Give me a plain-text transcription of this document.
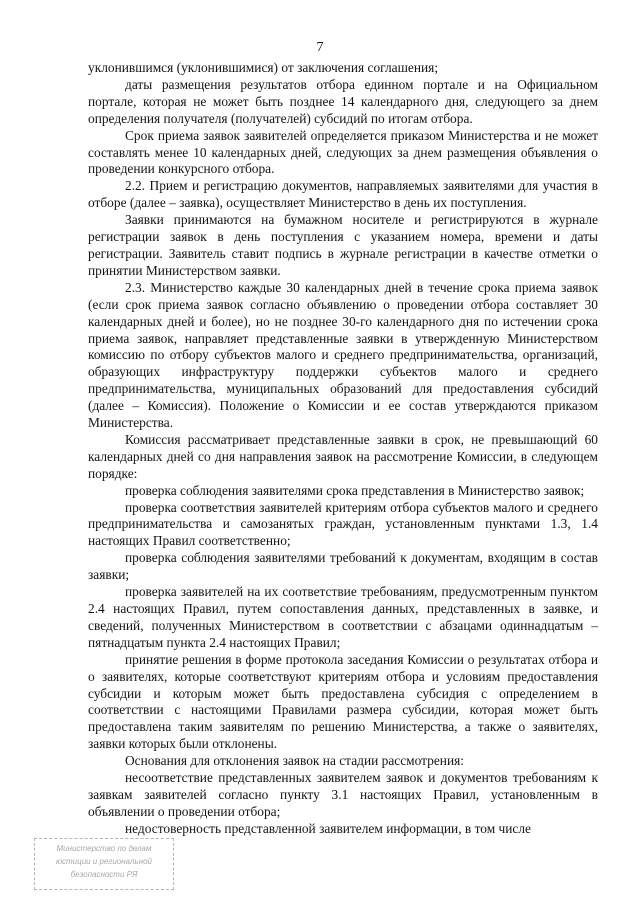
7

уклонившимся (уклонившимися) от заключения соглашения;

даты размещения результатов отбора единном портале и на Официальном портале, которая не может быть позднее 14 календарного дня, следующего за днем определения получателя (получателей) субсидий по итогам отбора.

Срок приема заявок заявителей определяется приказом Министерства и не может составлять менее 10 календарных дней, следующих за днем размещения объявления о проведении конкурсного отбора.

2.2. Прием и регистрацию документов, направляемых заявителями для участия в отборе (далее – заявка), осуществляет Министерство в день их поступления.

Заявки принимаются на бумажном носителе и регистрируются в журнале регистрации заявок в день поступления с указанием номера, времени и даты регистрации. Заявитель ставит подпись в журнале регистрации в качестве отметки о принятии Министерством заявки.

2.3. Министерство каждые 30 календарных дней в течение срока приема заявок (если срок приема заявок согласно объявлению о проведении отбора составляет 30 календарных дней и более), но не позднее 30-го календарного дня по истечении срока приема заявок, направляет представленные заявки в утвержденную Министерством комиссию по отбору субъектов малого и среднего предпринимательства, организаций, образующих инфраструктуру поддержки субъектов малого и среднего предпринимательства, муниципальных образований для предоставления субсидий (далее – Комиссия). Положение о Комиссии и ее состав утверждаются приказом Министерства.

Комиссия рассматривает представленные заявки в срок, не превышающий 60 календарных дней со дня направления заявок на рассмотрение Комиссии, в следующем порядке:

проверка соблюдения заявителями срока представления в Министерство заявок;

проверка соответствия заявителей критериям отбора субъектов малого и среднего предпринимательства и самозанятых граждан, установленным пунктами 1.3, 1.4 настоящих Правил соответственно;

проверка соблюдения заявителями требований к документам, входящим в состав заявки;

проверка заявителей на их соответствие требованиям, предусмотренным пунктом 2.4 настоящих Правил, путем сопоставления данных, представленных в заявке, и сведений, полученных Министерством в соответствии с абзацами одиннадцатым – пятнадцатым пункта 2.4 настоящих Правил;

принятие решения в форме протокола заседания Комиссии о результатах отбора и о заявителях, которые соответствуют критериям отбора и условиям предоставления субсидии и которым может быть предоставлена субсидия с определением в соответствии с настоящими Правилами размера субсидии, которая может быть предоставлена таким заявителям по решению Министерства, а также о заявителях, заявки которых были отклонены.

Основания для отклонения заявок на стадии рассмотрения:

несоответствие представленных заявителем заявок и документов требованиям к заявкам заявителей согласно пункту 3.1 настоящих Правил, установленным в объявлении о проведении отбора;

недостоверность представленной заявителем информации, в том числе

Министерство по делам
юстиции и региональной
безопасности РЯ
